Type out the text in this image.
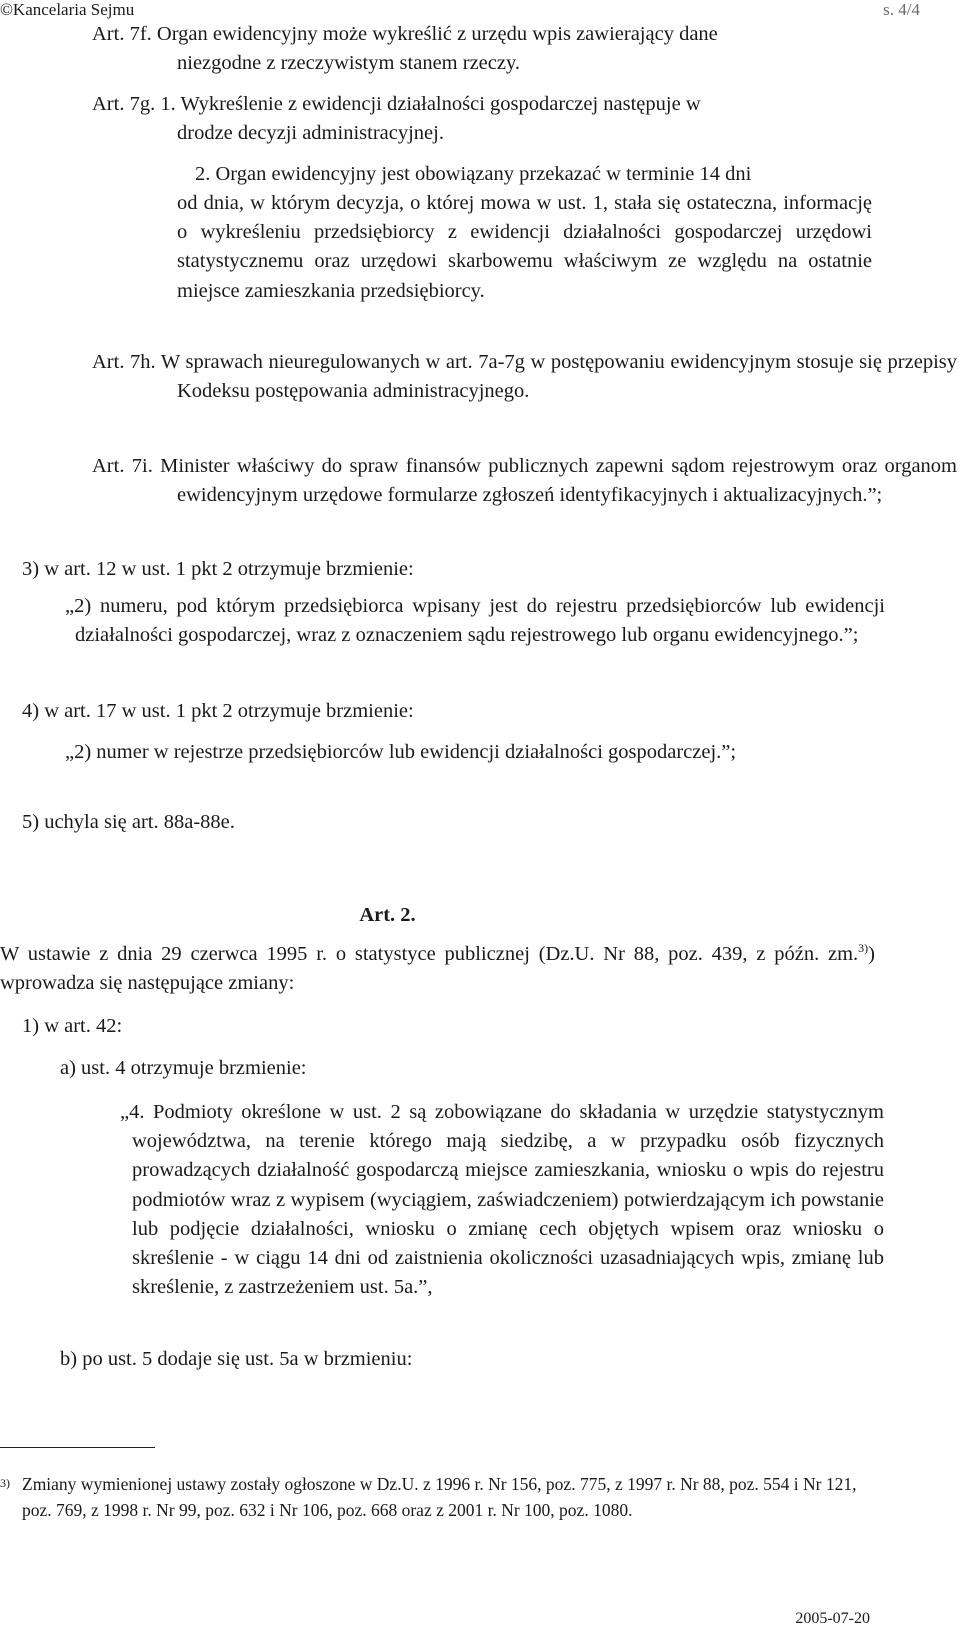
©Kancelaria Sejmu	s. 4/4

Art. 7f. Organ ewidencyjny może wykreślić z urzędu wpis zawierający dane

niezgodne z rzeczywistym stanem rzeczy.

Art. 7g. 1. Wykreślenie z ewidencji działalności gospodarczej następuje w

drodze decyzji administracyjnej.

2. Organ ewidencyjny jest obowiązany przekazać w terminie 14 dni

od dnia, w którym decyzja, o której mowa w ust. 1, stała się ostateczna, informację o wykreśleniu przedsiębiorcy z ewidencji działalności gospodarczej urzędowi statystycznemu oraz urzędowi skarbowemu właściwym ze względu na ostatnie miejsce zamieszkania przedsiębiorcy.

Art. 7h. W sprawach nieuregulowanych w art. 7a-7g w postępowaniu ewidencyjnym stosuje się przepisy Kodeksu postępowania administracyjnego.

Art. 7i. Minister właściwy do spraw finansów publicznych zapewni sądom rejestrowym oraz organom ewidencyjnym urzędowe formularze zgłoszeń identyfikacyjnych i aktualizacyjnych.”;

3) w art. 12 w ust. 1 pkt 2 otrzymuje brzmienie:

„2) numeru, pod którym przedsiębiorca wpisany jest do rejestru przedsiębiorców lub ewidencji działalności gospodarczej, wraz z oznaczeniem sądu rejestrowego lub organu ewidencyjnego.”;

4) w art. 17 w ust. 1 pkt 2 otrzymuje brzmienie:

„2) numer w rejestrze przedsiębiorców lub ewidencji działalności gospodarczej.”;

5) uchyla się art. 88a-88e.

Art. 2.

W ustawie z dnia 29 czerwca 1995 r. o statystyce publicznej (Dz.U. Nr 88, poz. 439, z późn. zm.$^{3)}$) wprowadza się następujące zmiany:

1) w art. 42:

a) ust. 4 otrzymuje brzmienie:

„4. Podmioty określone w ust. 2 są zobowiązane do składania w urzędzie statystycznym województwa, na terenie którego mają siedzibę, a w przypadku osób fizycznych prowadzących działalność gospodarczą miejsce zamieszkania, wniosku o wpis do rejestru podmiotów wraz z wypisem (wyciągiem, zaświadczeniem) potwierdzającym ich powstanie lub podjęcie działalności, wniosku o zmianę cech objętych wpisem oraz wniosku o skreślenie - w ciągu 14 dni od zaistnienia okoliczności uzasadniających wpis, zmianę lub skreślenie, z zastrzeżeniem ust. 5a.”,

b) po ust. 5 dodaje się ust. 5a w brzmieniu:

3) Zmiany wymienionej ustawy zostały ogłoszone w Dz.U. z 1996 r. Nr 156, poz. 775, z 1997 r. Nr 88, poz. 554 i Nr 121, poz. 769, z 1998 r. Nr 99, poz. 632 i Nr 106, poz. 668 oraz z 2001 r. Nr 100, poz. 1080.

2005-07-20
